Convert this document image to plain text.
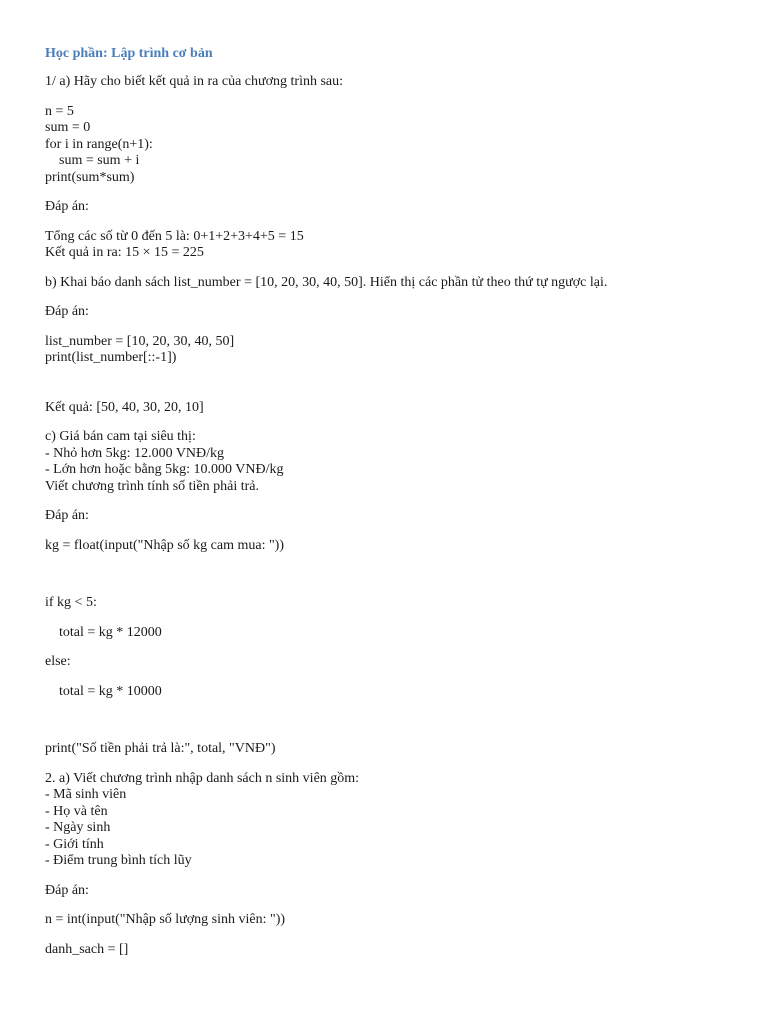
Học phần: Lập trình cơ bản
1/ a) Hãy cho biết kết quả in ra của chương trình sau:
n = 5
sum = 0
for i in range(n+1):
sum = sum + i
print(sum*sum)
Đáp án:
Tổng các số từ 0 đến 5 là: 0+1+2+3+4+5 = 15
Kết quả in ra: 15 × 15 = 225
b) Khai báo danh sách list_number = [10, 20, 30, 40, 50]. Hiển thị các phần tử theo thứ tự ngược lại.
Đáp án:
list_number = [10, 20, 30, 40, 50]
print(list_number[::-1])
Kết quả: [50, 40, 30, 20, 10]
c) Giá bán cam tại siêu thị:
- Nhỏ hơn 5kg: 12.000 VNĐ/kg
- Lớn hơn hoặc bằng 5kg: 10.000 VNĐ/kg
Viết chương trình tính số tiền phải trả.
Đáp án:
kg = float(input("Nhập số kg cam mua: "))
if kg < 5:
total = kg * 12000
else:
total = kg * 10000
print("Số tiền phải trả là:", total, "VNĐ")
2. a) Viết chương trình nhập danh sách n sinh viên gồm:
- Mã sinh viên
- Họ và tên
- Ngày sinh
- Giới tính
- Điểm trung bình tích lũy
Đáp án:
n = int(input("Nhập số lượng sinh viên: "))
danh_sach = []
